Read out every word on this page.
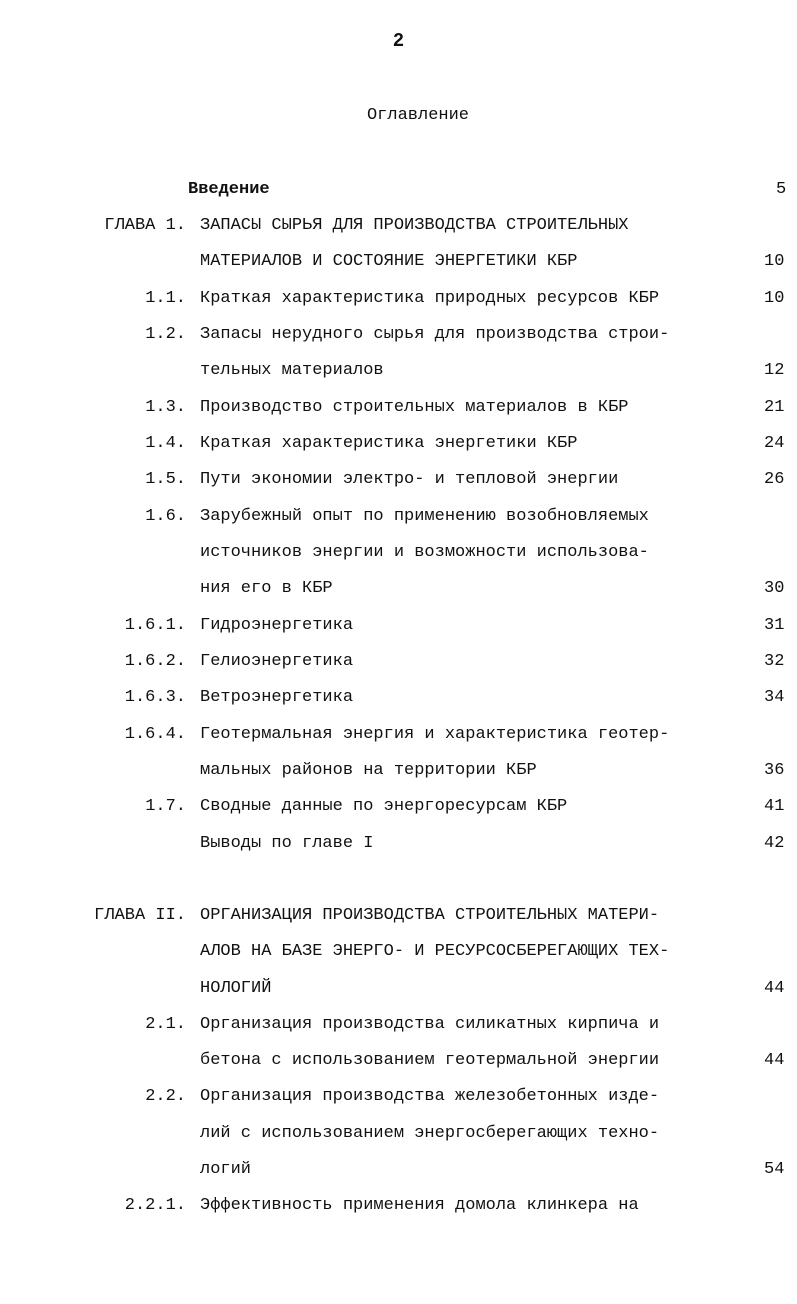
2
Оглавление
Введение	5
ГЛАВА 1. ЗАПАСЫ СЫРЬЯ ДЛЯ ПРОИЗВОДСТВА СТРОИТЕЛЬНЫХ
МАТЕРИАЛОВ И СОСТОЯНИЕ ЭНЕРГЕТИКИ КБР	10
1.1. Краткая характеристика природных ресурсов КБР	10
1.2. Запасы нерудного сырья для производства строи-
тельных материалов	12
1.3. Производство строительных материалов в КБР	21
1.4. Краткая характеристика энергетики КБР	24
1.5. Пути экономии электро- и тепловой энергии	26
1.6. Зарубежный опыт по применению возобновляемых
источников энергии и возможности использова-
ния его в КБР	30
1.6.1. Гидроэнергетика	31
1.6.2. Гелиоэнергетика	32
1.6.3. Ветроэнергетика	34
1.6.4. Геотермальная энергия и характеристика геотер-
мальных районов на территории КБР	36
1.7. Сводные данные по энергоресурсам КБР	41
Выводы по главе I	42
ГЛАВА II. ОРГАНИЗАЦИЯ ПРОИЗВОДСТВА СТРОИТЕЛЬНЫХ МАТЕРИ-
АЛОВ НА БАЗЕ ЭНЕРГО- И РЕСУРСОСБЕРЕГАЮЩИХ ТЕХ-
НОЛОГИЙ	44
2.1. Организация производства силикатных кирпича и
бетона с использованием геотермальной энергии	44
2.2. Организация производства железобетонных изде-
лий с использованием энергосберегающих техно-
логий	54
2.2.1. Эффективность применения домола клинкера на
